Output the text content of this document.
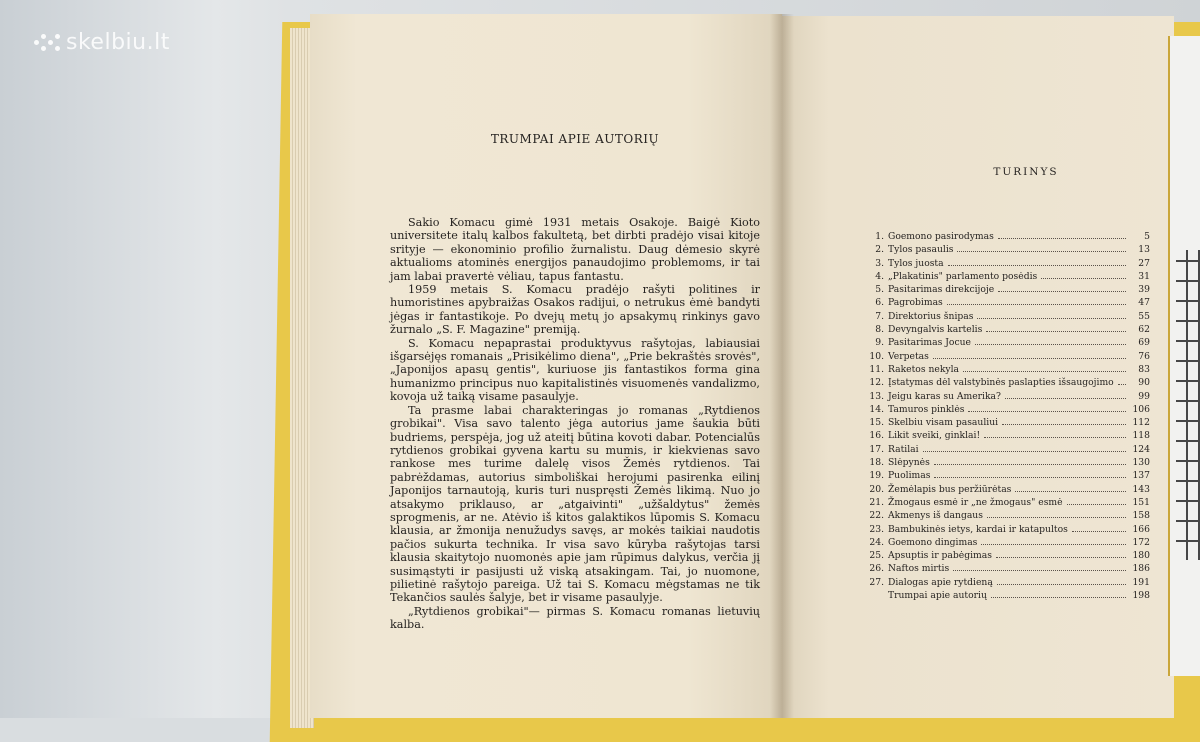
skelbiu.lt
TRUMPAI APIE AUTORIŲ

Sakio Komacu gimė 1931 metais Osakoje. Baigė Kioto universitete italų kalbos fakultetą, bet dirbti pradėjo visai kitoje srityje — ekonominio profilio žurnalistu. Daug dėmesio skyrė aktualioms atominės energijos panaudojimo problemoms, ir tai jam labai pravertė vėliau, tapus fantastu.

1959 metais S. Komacu pradėjo rašyti politines ir humoristines apybraižas Osakos radijui, o netrukus ėmė bandyti jėgas ir fantastikoje. Po dvejų metų jo apsakymų rinkinys gavo žurnalo „S. F. Magazine" premiją.

S. Komacu nepaprastai produktyvus rašytojas, labiausiai išgarsėjęs romanais „Prisikėlimo diena", „Prie bekraštės srovės", „Japonijos apasų gentis", kuriuose jis fantastikos forma gina humanizmo principus nuo kapitalistinės visuomenės vandalizmo, kovoja už taiką visame pasaulyje.

Ta prasme labai charakteringas jo romanas „Rytdienos grobikai". Visa savo talento jėga autorius jame šaukia būti budriems, perspėja, jog už ateitį būtina kovoti dabar. Potencialūs rytdienos grobikai gyvena kartu su mumis, ir kiekvienas savo rankose mes turime dalelę visos Žemės rytdienos. Tai pabrėždamas, autorius simboliškai herojumi pasirenka eilinį Japonijos tarnautoją, kuris turi nuspręsti Žemės likimą. Nuo jo atsakymo priklauso, ar „atgaivinti" „užšaldytus" žemės sprogmenis, ar ne. Atėvio iš kitos galaktikos lūpomis S. Komacu klausia, ar žmonija nenužudys savęs, ar mokės taikiai naudotis pačios sukurta technika. Ir visa savo kūryba rašytojas tarsi klausia skaitytojo nuomonės apie jam rūpimus dalykus, verčia jį susimąstyti ir pasijusti už viską atsakingam. Tai, jo nuomone, pilietinė rašytojo pareiga. Už tai S. Komacu mėgstamas ne tik Tekančios saulės šalyje, bet ir visame pasaulyje.

„Rytdienos grobikai"— pirmas S. Komacu romanas lietuvių kalba.

TURINYS
1. Goemono pasirodymas	5
2. Tylos pasaulis	13
3. Tylos juosta	27
4. „Plakatinis" parlamento posėdis	31
5. Pasitarimas direkcijoje	39
6. Pagrobimas	47
7. Direktorius šnipas	55
8. Devyngalvis kartelis	62
9. Pasitarimas Jocue	69
10. Verpetas	76
11. Raketos nekyla	83
12. Įstatymas dėl valstybinės paslapties išsaugojimo	90
13. Jeigu karas su Amerika?	99
14. Tamuros pinklės	106
15. Skelbiu visam pasauliui	112
16. Likit sveiki, ginklai!	118
17. Ratilai	124
18. Slėpynės	130
19. Puolimas	137
20. Žemėlapis bus peržiūrėtas	143
21. Žmogaus esmė ir „ne žmogaus" esmė	151
22. Akmenys iš dangaus	158
23. Bambukinės ietys, kardai ir katapultos	166
24. Goemono dingimas	172
25. Apsuptis ir pabėgimas	180
26. Naftos mirtis	186
27. Dialogas apie rytdieną	191
Trumpai apie autorių	198
